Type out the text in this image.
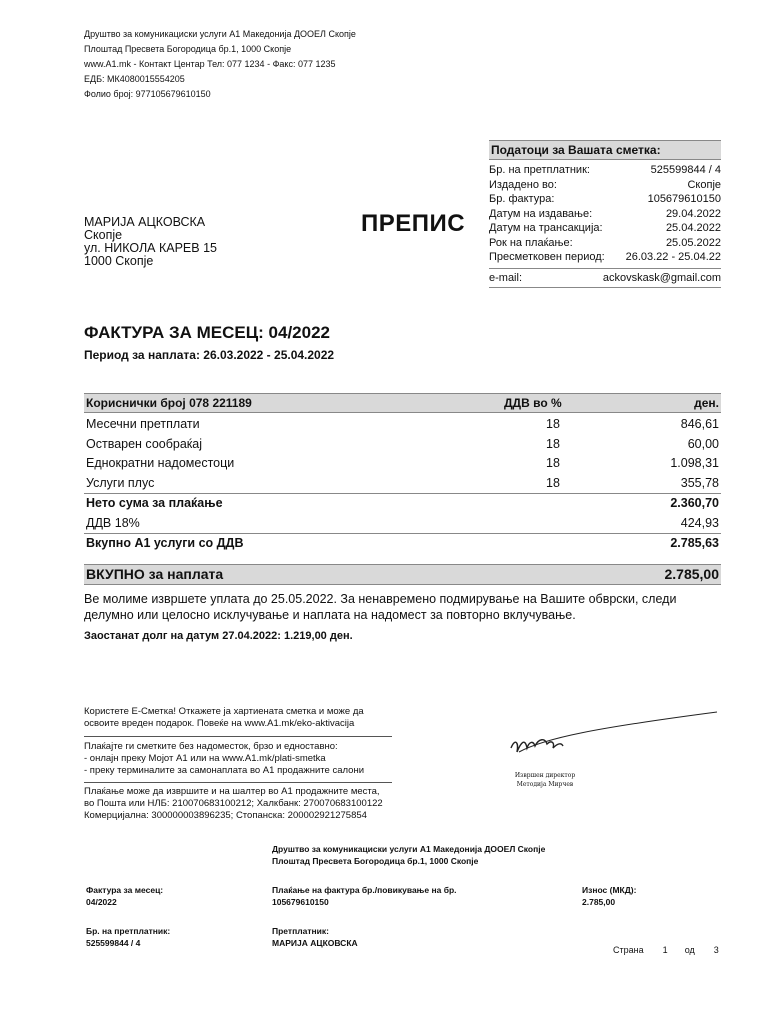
Друштво за комуникациски услуги А1 Македонија ДООЕЛ Скопје
Плоштад Пресвета Богородица бр.1, 1000 Скопје
www.A1.mk - Контакт Центар Тел: 077 1234 - Факс: 077 1235
ЕДБ: МК4080015554205
Фолио број: 977105679610150
Податоци за Вашата сметка:
Бр. на претплатник:	525599844 / 4
Издадено во:	Скопје
Бр. фактура:	105679610150
Датум на издавање:	29.04.2022
Датум на трансакција:	25.04.2022
Рок на плаќање:	25.05.2022
Пресметковен период: 26.03.22 - 25.04.22
e-mail:	ackovskask@gmail.com
МАРИЈА АЦКОВСКА
Скопје
ул. НИКОЛА КАРЕВ 15
1000 Скопје
ПРЕПИС
ФАКТУРА ЗА МЕСЕЦ: 04/2022
Период за наплата: 26.03.2022 - 25.04.2022
Кориснички број 078 221189	ДДВ во %	ден.
Месечни претплати	18	846,61
Остварен сообраќај	18	60,00
Еднократни надоместоци	18	1.098,31
Услуги плус	18	355,78
Нето сума за плаќање	2.360,70
ДДВ 18%	424,93
Вкупно А1 услуги со ДДВ	2.785,63
ВКУПНО за наплата	2.785,00
Ве молиме извршете уплата до 25.05.2022. За ненавремено подмирување на Вашите обврски, следи делумно или целосно исклучување и наплата на надомест за повторно вклучување.
Заостанат долг на датум 27.04.2022: 1.219,00 ден.
Користете Е-Сметка! Откажете ја хартиената сметка и може да
освоите вреден подарок. Повеќе на www.A1.mk/eko-aktivacija
Плаќајте ги сметките без надоместок, брзо и едноставно:
- онлајн преку Мојот А1 или на www.A1.mk/plati-smetka
- преку терминалите за самонаплата во А1 продажните салони
Плаќање може да извршите и на шалтер во А1 продажните места,
во Пошта или НЛБ: 210070683100212; Халкбанк: 270070683100122
Комерцијална: 300000003896235; Стопанска: 200002921275854
Извршен директор
Методија Мирчев
Друштво за комуникациски услуги А1 Македонија ДООЕЛ Скопје
Плоштад Пресвета Богородица бр.1, 1000 Скопје
Фактура за месец:
04/2022
Плаќање на фактура бр./повикување на бр.
105679610150
Износ (МКД):
2.785,00
Бр. на претплатник:
525599844 / 4
Претплатник:
МАРИЈА АЦКОВСКА
Страна 1 од 3
